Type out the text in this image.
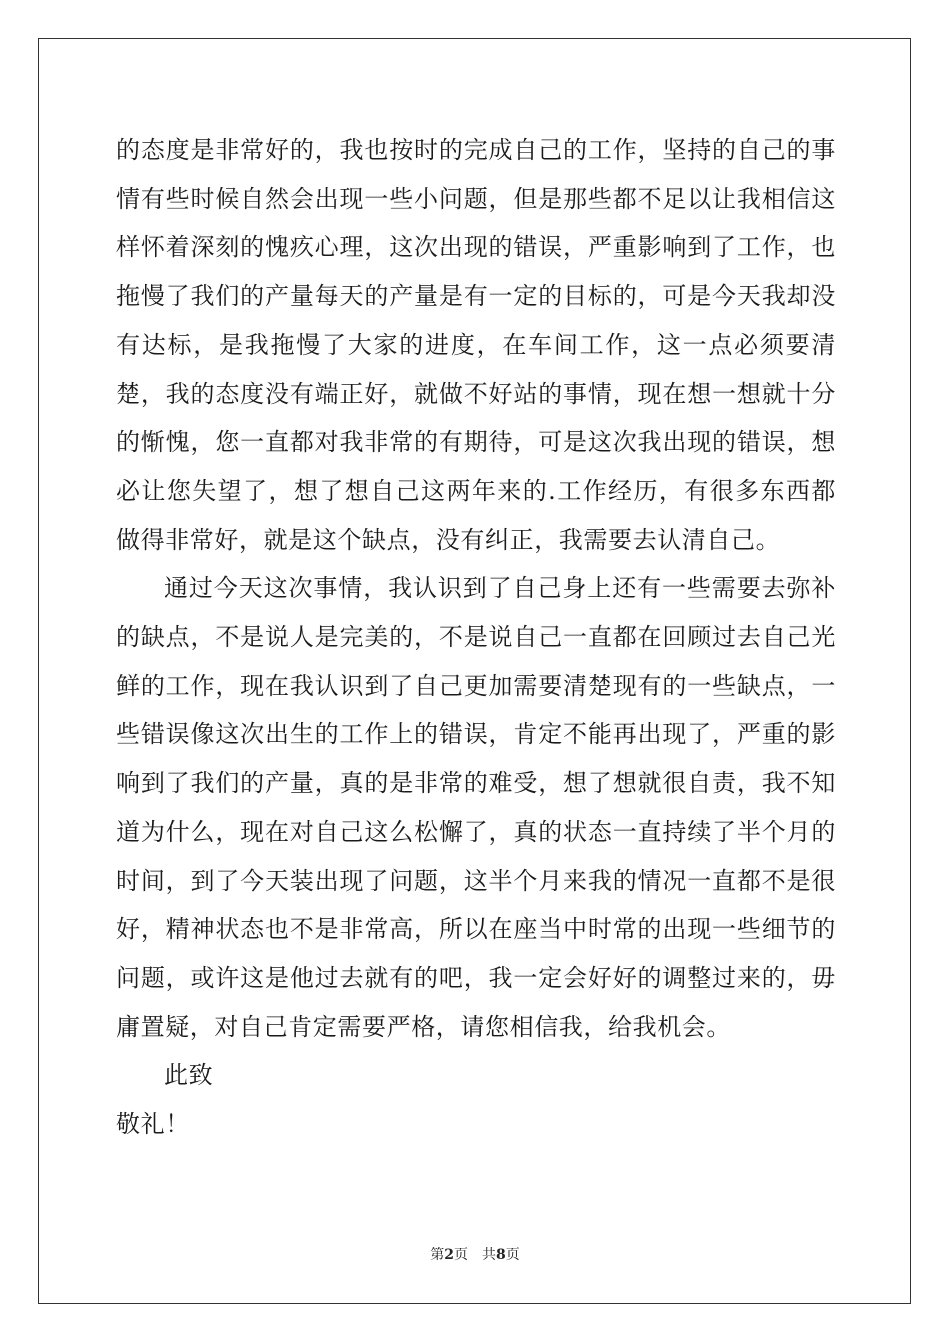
的态度是非常好的，我也按时的完成自己的工作，坚持的自己的事情有些时候自然会出现一些小问题，但是那些都不足以让我相信这样怀着深刻的愧疚心理，这次出现的错误，严重影响到了工作，也拖慢了我们的产量每天的产量是有一定的目标的，可是今天我却没有达标，是我拖慢了大家的进度，在车间工作，这一点必须要清楚，我的态度没有端正好，就做不好站的事情，现在想一想就十分的惭愧，您一直都对我非常的有期待，可是这次我出现的错误，想必让您失望了，想了想自己这两年来的.工作经历，有很多东西都做得非常好，就是这个缺点，没有纠正，我需要去认清自己。

通过今天这次事情，我认识到了自己身上还有一些需要去弥补的缺点，不是说人是完美的，不是说自己一直都在回顾过去自己光鲜的工作，现在我认识到了自己更加需要清楚现有的一些缺点，一些错误像这次出生的工作上的错误，肯定不能再出现了，严重的影响到了我们的产量，真的是非常的难受，想了想就很自责，我不知道为什么，现在对自己这么松懈了，真的状态一直持续了半个月的时间，到了今天装出现了问题，这半个月来我的情况一直都不是很好，精神状态也不是非常高，所以在座当中时常的出现一些细节的问题，或许这是他过去就有的吧，我一定会好好的调整过来的，毋庸置疑，对自己肯定需要严格，请您相信我，给我机会。

此致

敬礼！

第2页 共8页
